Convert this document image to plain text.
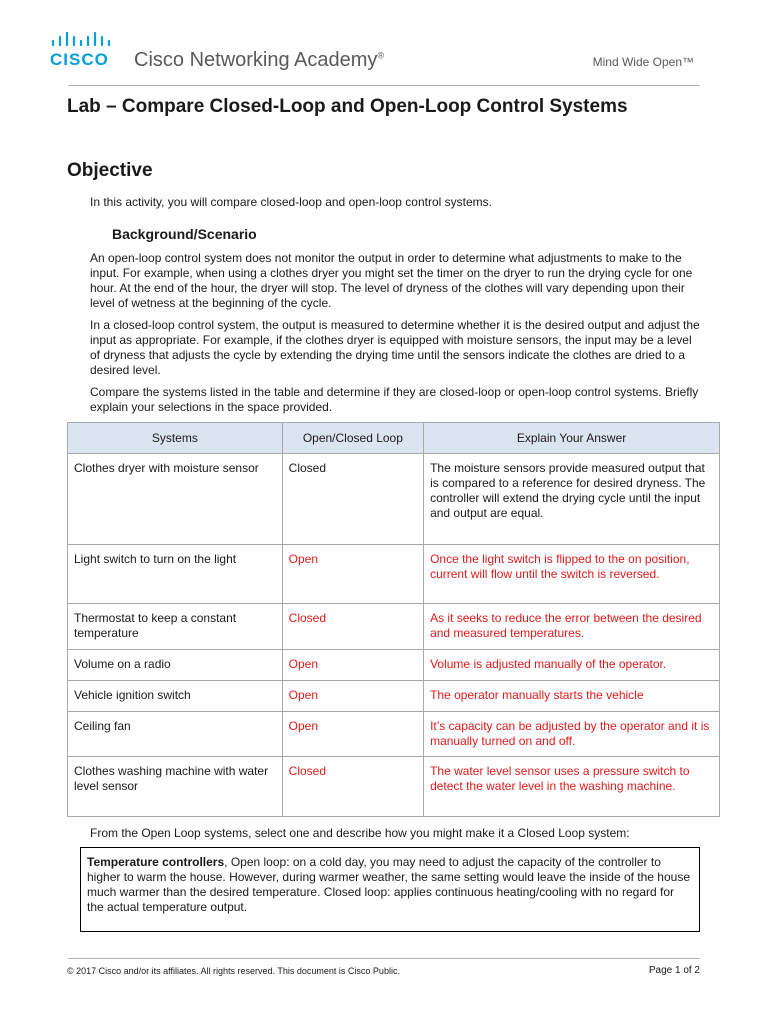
CISCO Cisco Networking Academy®	Mind Wide Open™
Lab – Compare Closed-Loop and Open-Loop Control Systems
Objective

In this activity, you will compare closed-loop and open-loop control systems.

Background/Scenario

An open-loop control system does not monitor the output in order to determine what adjustments to make to the input. For example, when using a clothes dryer you might set the timer on the dryer to run the drying cycle for one hour. At the end of the hour, the dryer will stop. The level of dryness of the clothes will vary depending upon their level of wetness at the beginning of the cycle.

In a closed-loop control system, the output is measured to determine whether it is the desired output and adjust the input as appropriate. For example, if the clothes dryer is equipped with moisture sensors, the input may be a level of dryness that adjusts the cycle by extending the drying time until the sensors indicate the clothes are dried to a desired level.

Compare the systems listed in the table and determine if they are closed-loop or open-loop control systems. Briefly explain your selections in the space provided.

Systems	Open/Closed Loop	Explain Your Answer
Clothes dryer with moisture sensor	Closed	The moisture sensors provide measured output that is compared to a reference for desired dryness. The controller will extend the drying cycle until the input and output are equal.
Light switch to turn on the light	Open	Once the light switch is flipped to the on position, current will flow until the switch is reversed.
Thermostat to keep a constant temperature	Closed	As it seeks to reduce the error between the desired and measured temperatures.
Volume on a radio	Open	Volume is adjusted manually of the operator.
Vehicle ignition switch	Open	The operator manually starts the vehicle
Ceiling fan	Open	It’s capacity can be adjusted by the operator and it is manually turned on and off.
Clothes washing machine with water level sensor	Closed	The water level sensor uses a pressure switch to detect the water level in the washing machine.

From the Open Loop systems, select one and describe how you might make it a Closed Loop system:

Temperature controllers, Open loop: on a cold day, you may need to adjust the capacity of the controller to higher to warm the house. However, during warmer weather, the same setting would leave the inside of the house much warmer than the desired temperature. Closed loop: applies continuous heating/cooling with no regard for the actual temperature output.
© 2017 Cisco and/or its affiliates. All rights reserved. This document is Cisco Public.	Page 1 of 2
